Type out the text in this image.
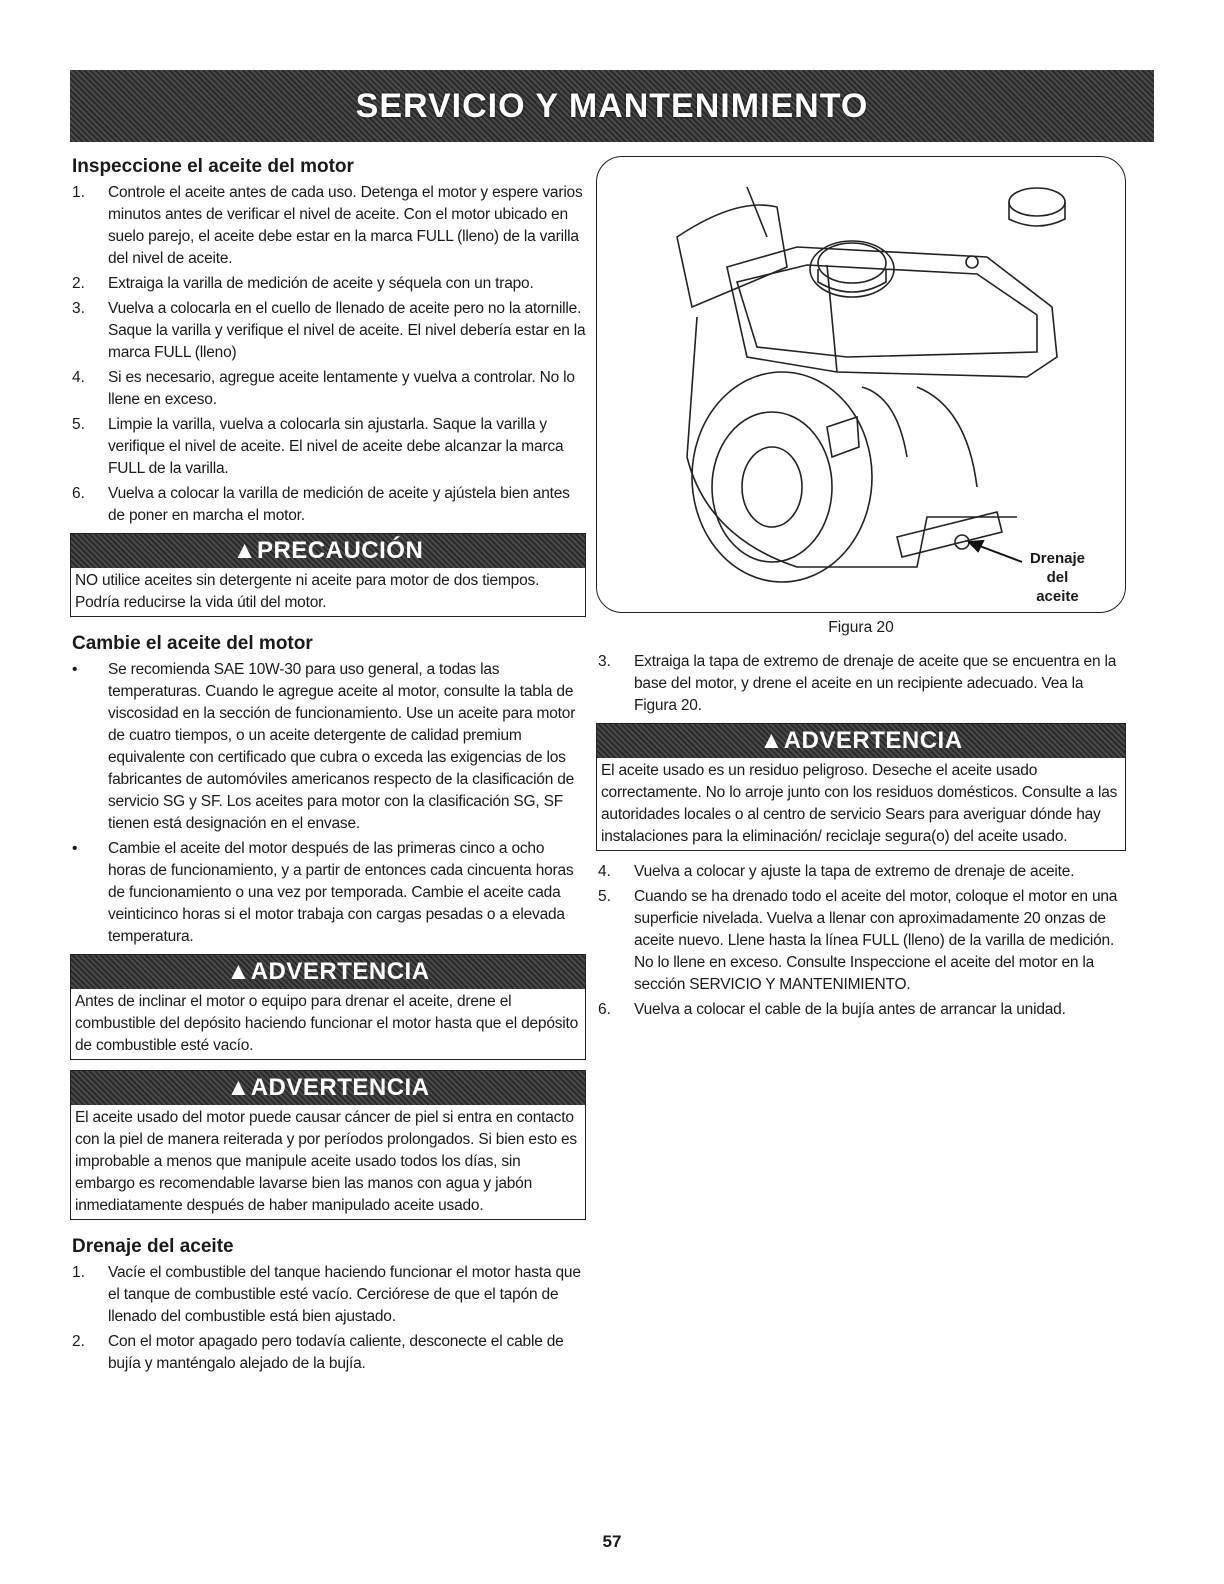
SERVICIO Y MANTENIMIENTO
Inspeccione el aceite del motor
1.	Controle el aceite antes de cada uso. Detenga el motor y espere varios minutos antes de verificar el nivel de aceite. Con el motor ubicado en suelo parejo, el aceite debe estar en la marca FULL (lleno) de la varilla del nivel de aceite.
2.	Extraiga la varilla de medición de aceite y séquela con un trapo.
3.	Vuelva a colocarla en el cuello de llenado de aceite pero no la atornille. Saque la varilla y verifique el nivel de aceite. El nivel debería estar en la marca FULL (lleno)
4.	Si es necesario, agregue aceite lentamente y vuelva a controlar. No lo llene en exceso.
5.	Limpie la varilla, vuelva a colocarla sin ajustarla. Saque la varilla y verifique el nivel de aceite. El nivel de aceite debe alcanzar la marca FULL de la varilla.
6.	Vuelva a colocar la varilla de medición de aceite y ajústela bien antes de poner en marcha el motor.
▲ PRECAUCIÓN
NO utilice aceites sin detergente ni aceite para motor de dos tiempos. Podría reducirse la vida útil del motor.
Cambie el aceite del motor
•	Se recomienda SAE 10W-30 para uso general, a todas las temperaturas. Cuando le agregue aceite al motor, consulte la tabla de viscosidad en la sección de funcionamiento. Use un aceite para motor de cuatro tiempos, o un aceite detergente de calidad premium equivalente con certificado que cubra o exceda las exigencias de los fabricantes de automóviles americanos respecto de la clasificación de servicio SG y SF. Los aceites para motor con la clasificación SG, SF tienen está designación en el envase.
•	Cambie el aceite del motor después de las primeras cinco a ocho horas de funcionamiento, y a partir de entonces cada cincuenta horas de funcionamiento o una vez por temporada. Cambie el aceite cada veinticinco horas si el motor trabaja con cargas pesadas o a elevada temperatura.
▲ ADVERTENCIA
Antes de inclinar el motor o equipo para drenar el aceite, drene el combustible del depósito haciendo funcionar el motor hasta que el depósito de combustible esté vacío.
▲ ADVERTENCIA
El aceite usado del motor puede causar cáncer de piel si entra en contacto con la piel de manera reiterada y por períodos prolongados. Si bien esto es improbable a menos que manipule aceite usado todos los días, sin embargo es recomendable lavarse bien las manos con agua y jabón inmediatamente después de haber manipulado aceite usado.
Drenaje del aceite
1.	Vacíe el combustible del tanque haciendo funcionar el motor hasta que el tanque de combustible esté vacío. Cerciórese de que el tapón de llenado del combustible está bien ajustado.
2.	Con el motor apagado pero todavía caliente, desconecte el cable de bujía y manténgalo alejado de la bujía.
Drenaje
del
aceite
Figura 20
3.	Extraiga la tapa de extremo de drenaje de aceite que se encuentra en la base del motor, y drene el aceite en un recipiente adecuado. Vea la Figura 20.
▲ ADVERTENCIA
El aceite usado es un residuo peligroso. Deseche el aceite usado correctamente. No lo arroje junto con los residuos domésticos. Consulte a las autoridades locales o al centro de servicio Sears para averiguar dónde hay instalaciones para la eliminación/ reciclaje segura(o) del aceite usado.
4.	Vuelva a colocar y ajuste la tapa de extremo de drenaje de aceite.
5.	Cuando se ha drenado todo el aceite del motor, coloque el motor en una superficie nivelada. Vuelva a llenar con aproximadamente 20 onzas de aceite nuevo. Llene hasta la línea FULL (lleno) de la varilla de medición. No lo llene en exceso. Consulte Inspeccione el aceite del motor en la sección SERVICIO Y MANTENIMIENTO.
6.	Vuelva a colocar el cable de la bujía antes de arrancar la unidad.
57
